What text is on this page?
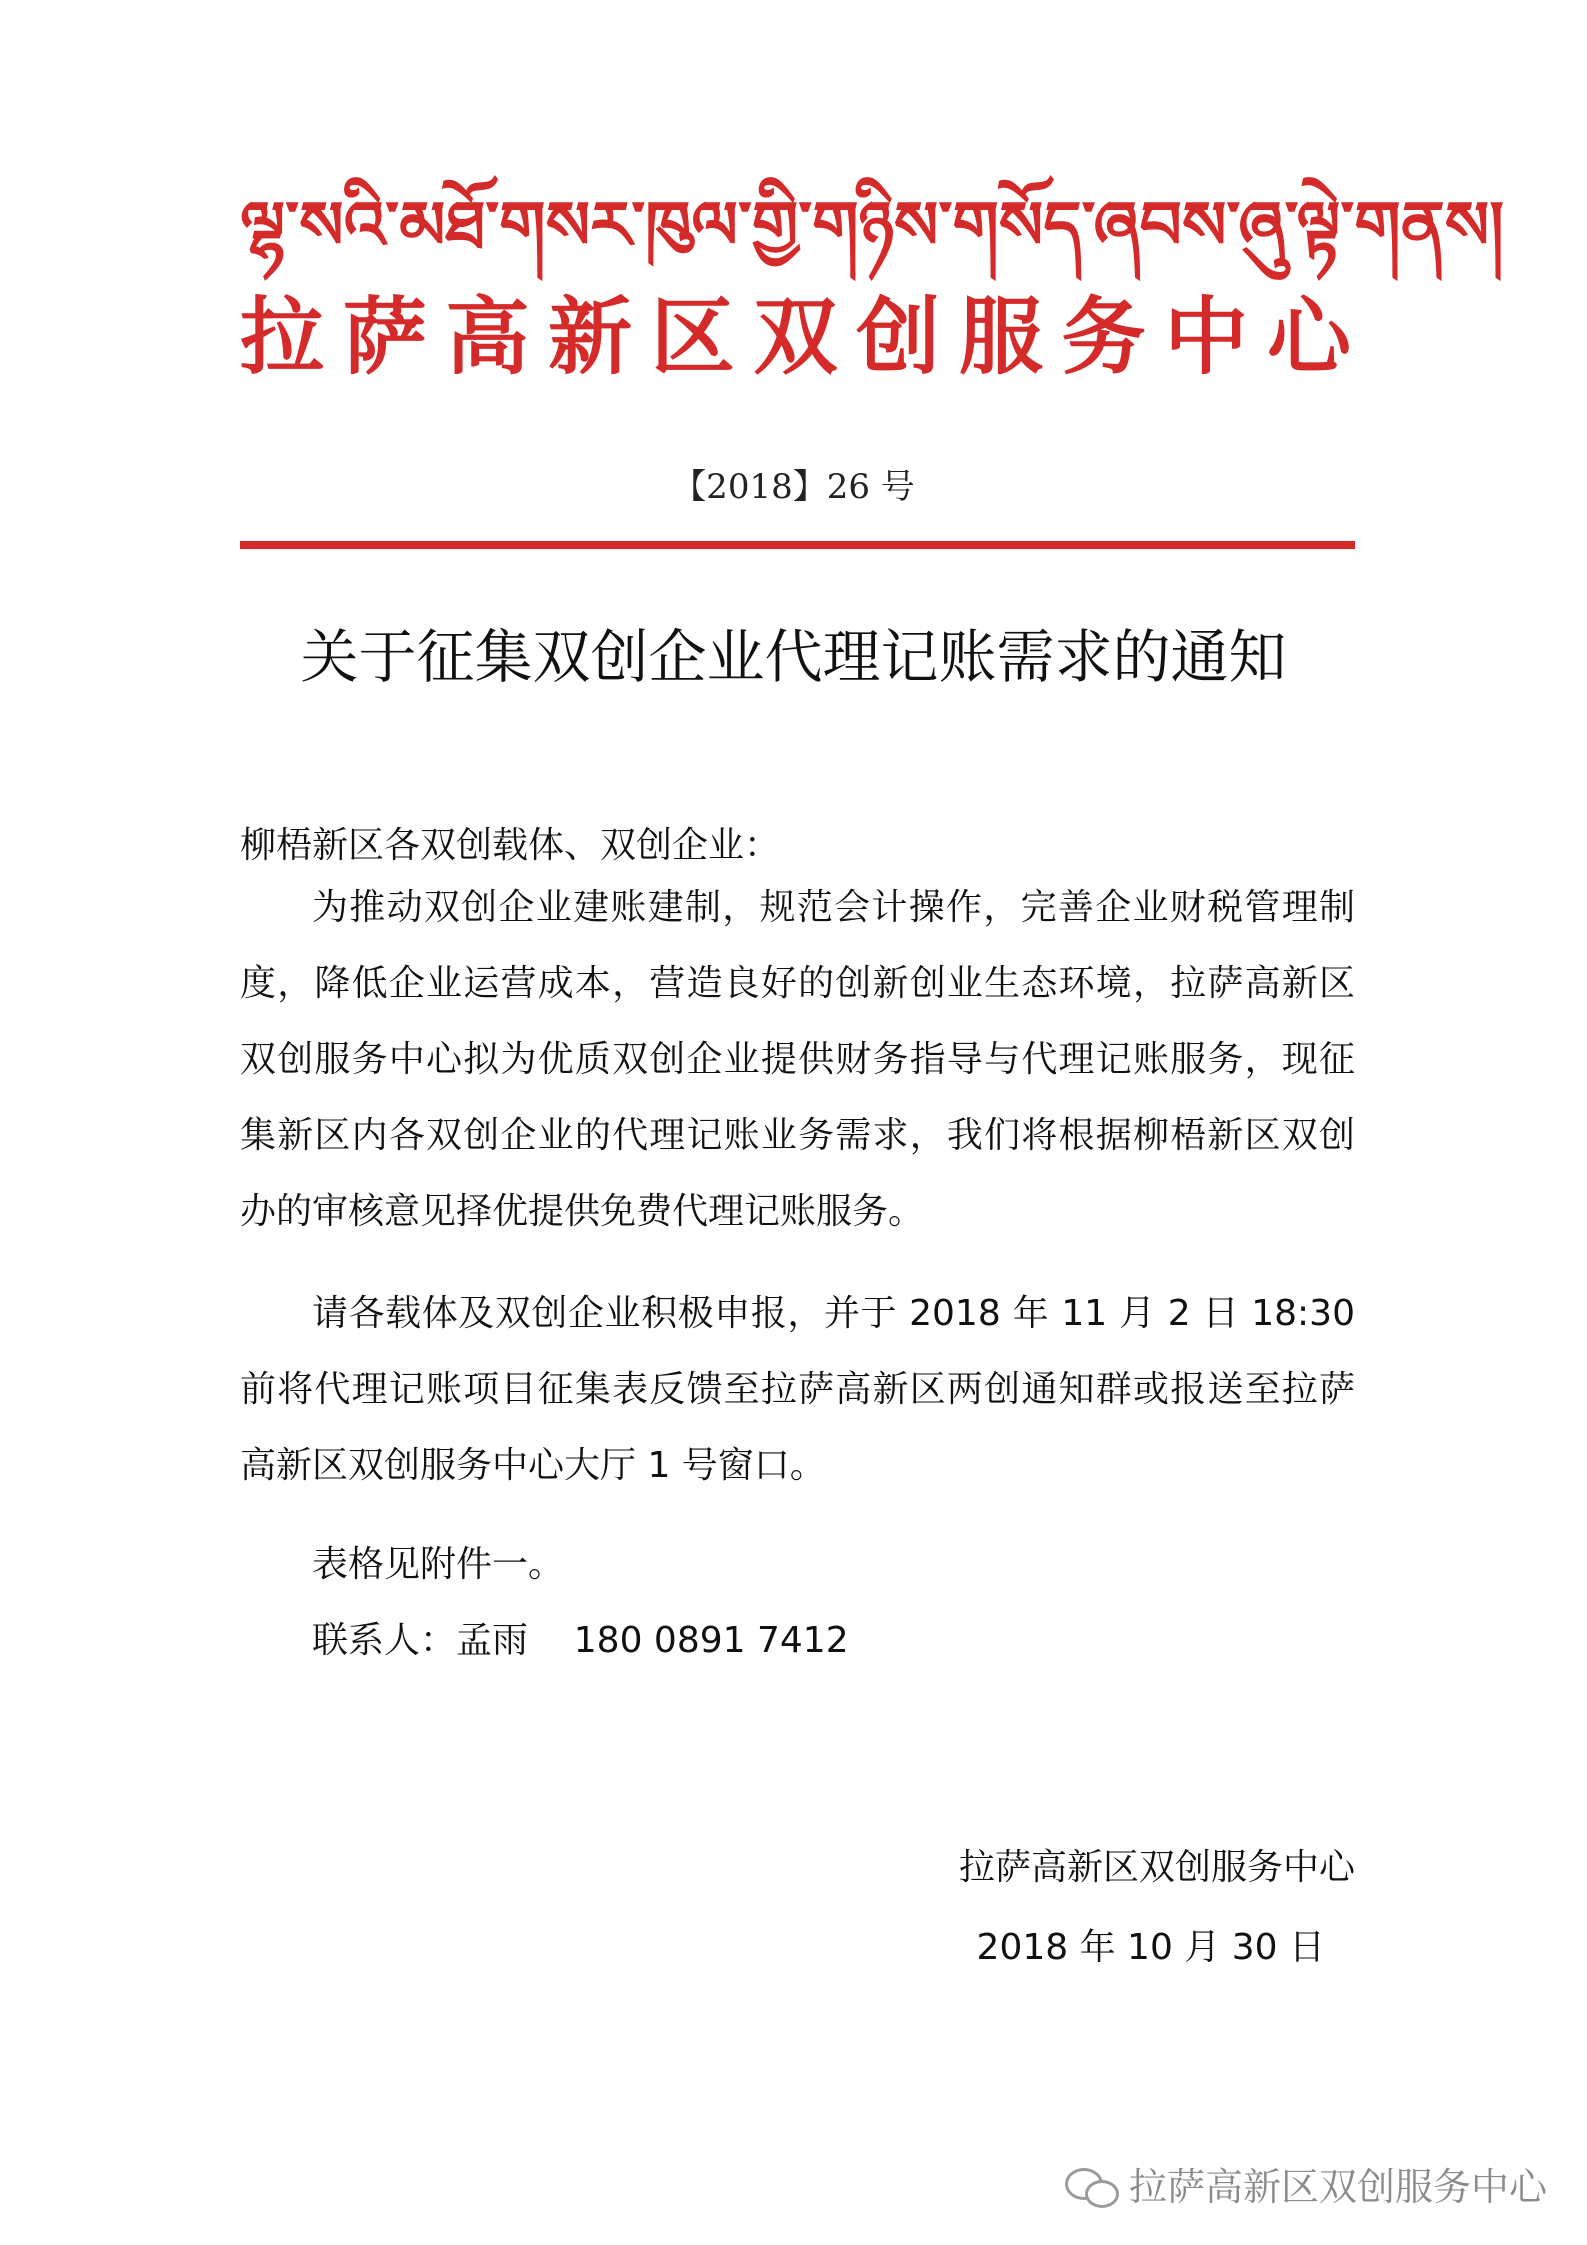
ལྷ་སའི་མཐོ་གསར་ཁུལ་གྱི་གཉིས་གསོད་ཞབས་ཞུ་ལྟེ་གནས།
拉萨高新区双创服务中心
【2018】26 号
关于征集双创企业代理记账需求的通知
柳梧新区各双创载体、双创企业：
为推动双创企业建账建制，规范会计操作，完善企业财税管理制度，降低企业运营成本，营造良好的创新创业生态环境，拉萨高新区双创服务中心拟为优质双创企业提供财务指导与代理记账服务，现征集新区内各双创企业的代理记账业务需求，我们将根据柳梧新区双创办的审核意见择优提供免费代理记账服务。
请各载体及双创企业积极申报，并于 2018 年 11 月 2 日 18:30 前将代理记账项目征集表反馈至拉萨高新区两创通知群或报送至拉萨高新区双创服务中心大厅 1 号窗口。
表格见附件一。
联系人：孟雨    180 0891 7412
拉萨高新区双创服务中心
2018 年 10 月 30 日
拉萨高新区双创服务中心
